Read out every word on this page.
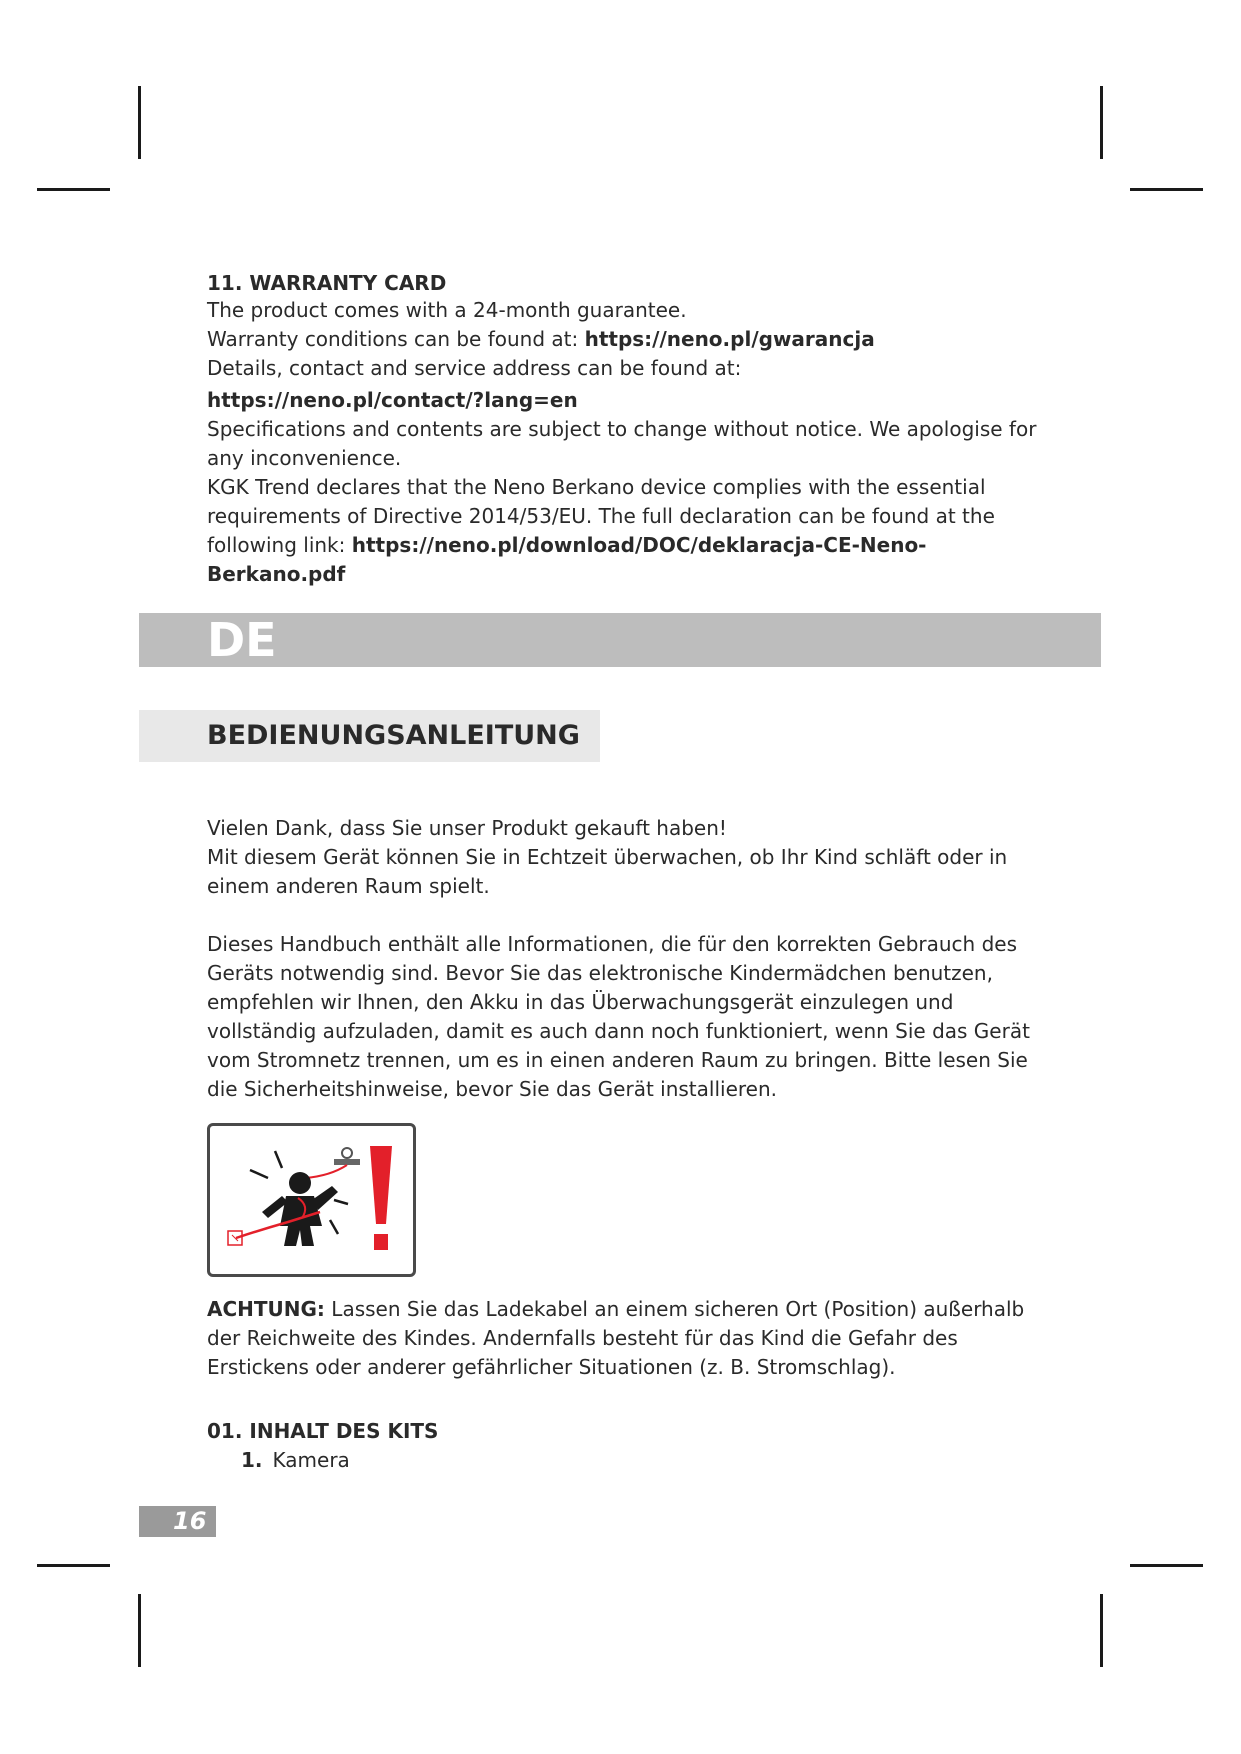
11. WARRANTY CARD

The product comes with a 24-month guarantee.

Warranty conditions can be found at: https://neno.pl/gwarancja

Details, contact and service address can be found at:

https://neno.pl/contact/?lang=en

Specifications and contents are subject to change without notice. We apologise for any inconvenience.

KGK Trend declares that the Neno Berkano device complies with the essential requirements of Directive 2014/53/EU. The full declaration can be found at the following link: https://neno.pl/download/DOC/deklaracja-CE-Neno-Berkano.pdf

DE
BEDIENUNGSANLEITUNG

Vielen Dank, dass Sie unser Produkt gekauft haben!

Mit diesem Gerät können Sie in Echtzeit überwachen, ob Ihr Kind schläft oder in einem anderen Raum spielt.

Dieses Handbuch enthält alle Informationen, die für den korrekten Gebrauch des Geräts notwendig sind. Bevor Sie das elektronische Kindermädchen benutzen, empfehlen wir Ihnen, den Akku in das Überwachungsgerät einzulegen und vollständig aufzuladen, damit es auch dann noch funktioniert, wenn Sie das Gerät vom Stromnetz trennen, um es in einen anderen Raum zu bringen. Bitte lesen Sie die Sicherheitshinweise, bevor Sie das Gerät installieren.

ACHTUNG: Lassen Sie das Ladekabel an einem sicheren Ort (Position) außerhalb der Reichweite des Kindes. Andernfalls besteht für das Kind die Gefahr des Erstickens oder anderer gefährlicher Situationen (z. B. Stromschlag).

01. INHALT DES KITS

1. Kamera

16
